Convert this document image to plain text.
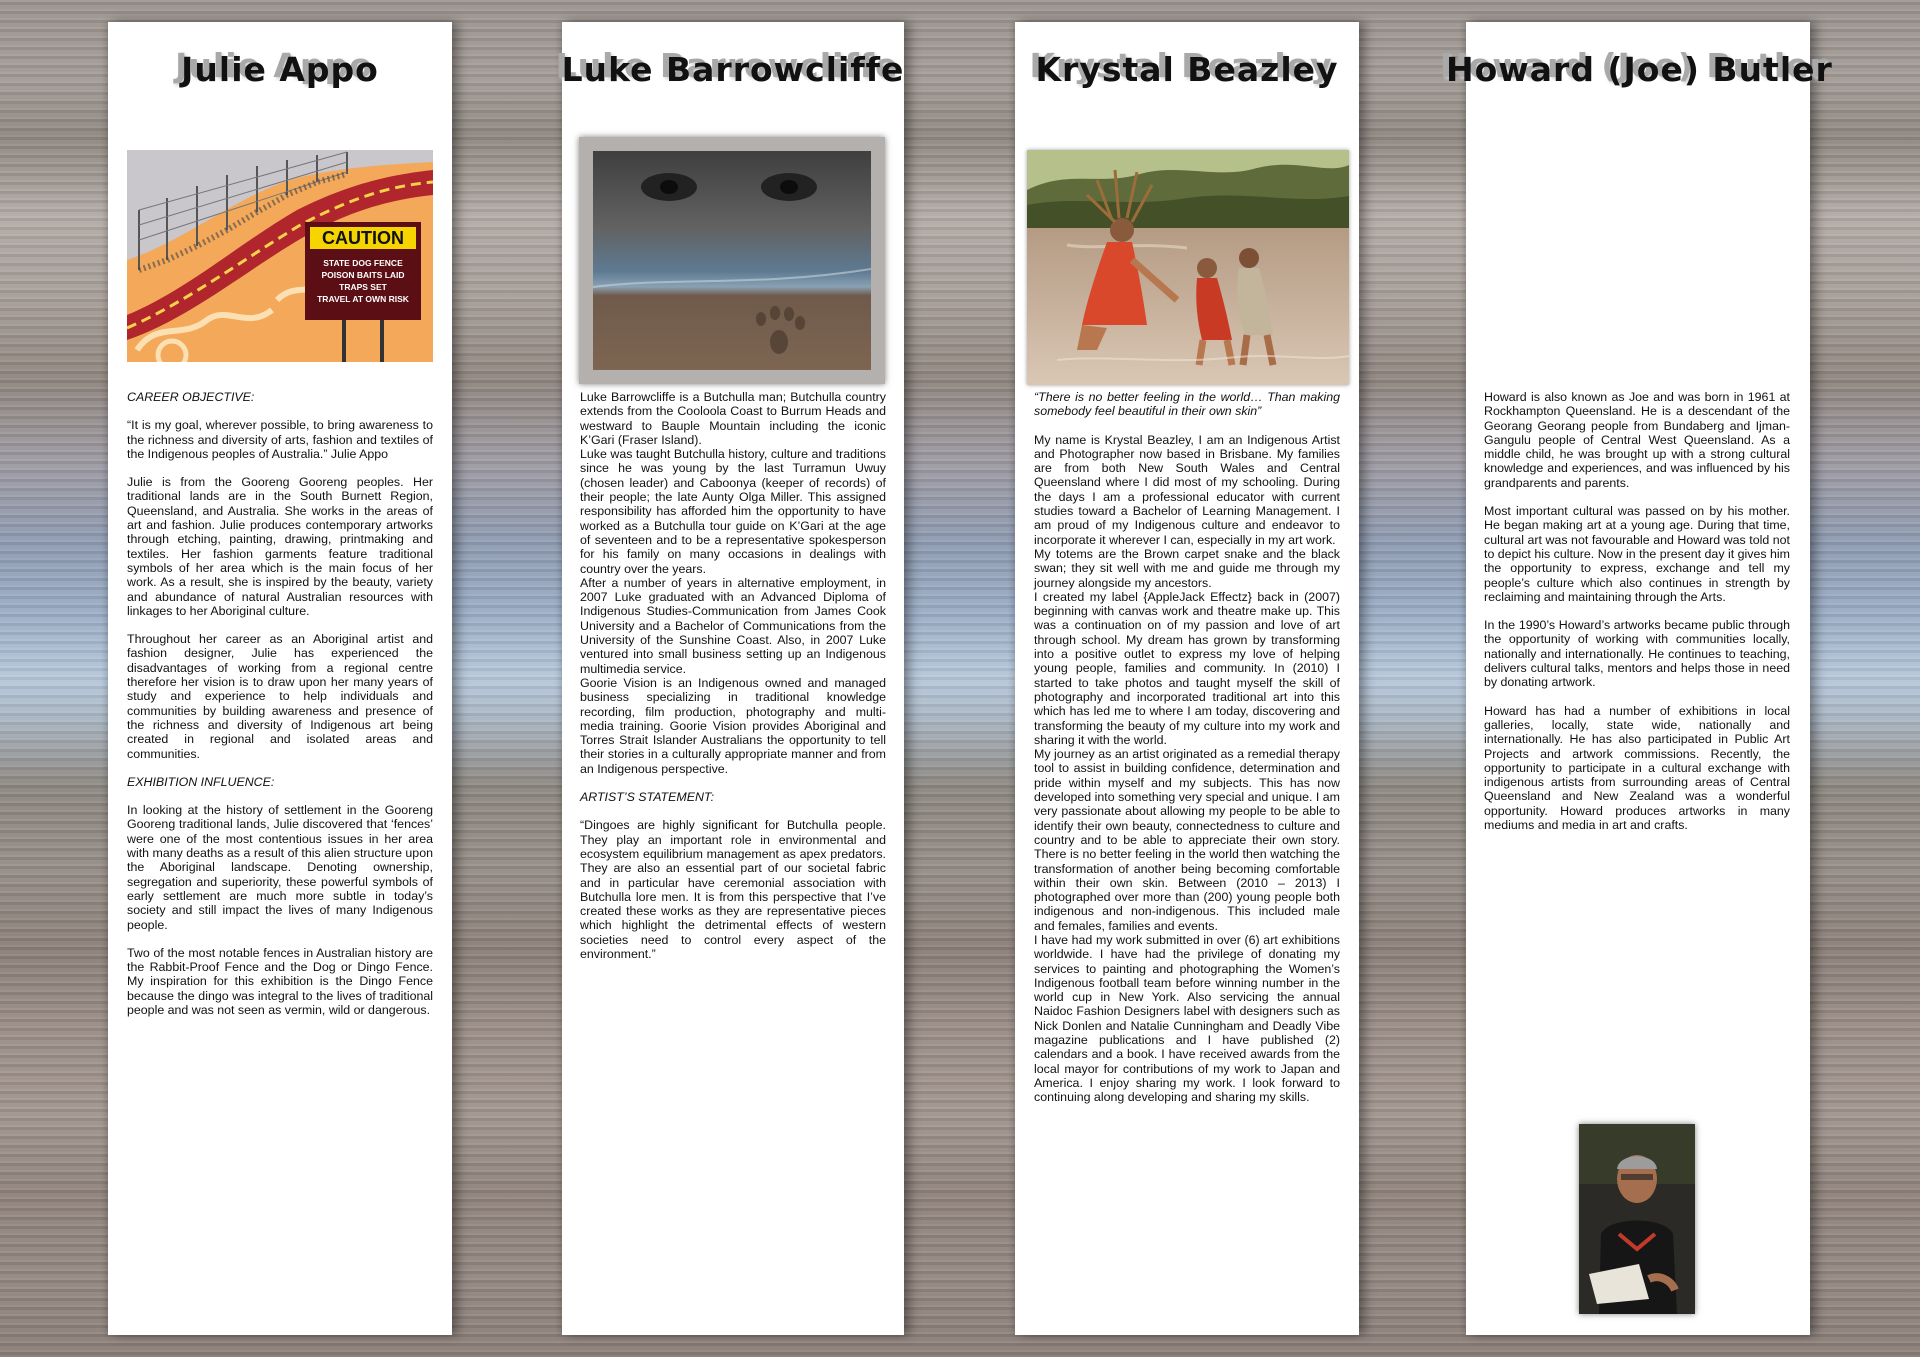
Julie Appo
CAUTION
STATE DOG FENCE
POISON BAITS LAID
TRAPS SET
TRAVEL AT OWN RISK

CAREER OBJECTIVE:

“It is my goal, wherever possible, to bring awareness to the richness and diversity of arts, fashion and textiles of the Indigenous peoples of Australia.” Julie Appo

Julie is from the Gooreng Gooreng peoples. Her traditional lands are in the South Burnett Region, Queensland, and Australia. She works in the areas of art and fashion. Julie produces contemporary artworks through etching, painting, drawing, printmaking and textiles. Her fashion garments feature traditional symbols of her area which is the main focus of her work. As a result, she is inspired by the beauty, variety and abundance of natural Australian resources with linkages to her Aboriginal culture.

Throughout her career as an Aboriginal artist and fashion designer, Julie has experienced the disadvantages of working from a regional centre therefore her vision is to draw upon her many years of study and experience to help individuals and communities by building awareness and presence of the richness and diversity of Indigenous art being created in regional and isolated areas and communities.

EXHIBITION INFLUENCE:

In looking at the history of settlement in the Gooreng Gooreng traditional lands, Julie discovered that ‘fences’ were one of the most contentious issues in her area with many deaths as a result of this alien structure upon the Aboriginal landscape. Denoting ownership, segregation and superiority, these powerful symbols of early settlement are much more subtle in today’s society and still impact the lives of many Indigenous people.

Two of the most notable fences in Australian history are the Rabbit-Proof Fence and the Dog or Dingo Fence. My inspiration for this exhibition is the Dingo Fence because the dingo was integral to the lives of traditional people and was not seen as vermin, wild or dangerous.

Luke Barrowcliffe

Luke Barrowcliffe is a Butchulla man; Butchulla country extends from the Cooloola Coast to Burrum Heads and westward to Bauple Mountain including the iconic K’Gari (Fraser Island).
Luke was taught Butchulla history, culture and traditions since he was young by the last Turramun Uwuy (chosen leader) and Caboonya (keeper of records) of their people; the late Aunty Olga Miller. This assigned responsibility has afforded him the opportunity to have worked as a Butchulla tour guide on K’Gari at the age of seventeen and to be a representative spokesperson for his family on many occasions in dealings with country over the years.
After a number of years in alternative employment, in 2007 Luke graduated with an Advanced Diploma of Indigenous Studies-Communication from James Cook University and a Bachelor of Communications from the University of the Sunshine Coast. Also, in 2007 Luke ventured into small business setting up an Indigenous multimedia service.
Goorie Vision is an Indigenous owned and managed business specializing in traditional knowledge recording, film production, photography and multi-media training. Goorie Vision provides Aboriginal and Torres Strait Islander Australians the opportunity to tell their stories in a culturally appropriate manner and from an Indigenous perspective.

ARTIST’S STATEMENT:

“Dingoes are highly significant for Butchulla people. They play an important role in environmental and ecosystem equilibrium management as apex predators. They are also an essential part of our societal fabric and in particular have ceremonial association with Butchulla lore men. It is from this perspective that I’ve created these works as they are representative pieces which highlight the detrimental effects of western societies need to control every aspect of the environment.”

Krystal Beazley

“There is no better feeling in the world… Than making somebody feel beautiful in their own skin”

My name is Krystal Beazley, I am an Indigenous Artist and Photographer now based in Brisbane. My families are from both New South Wales and Central Queensland where I did most of my schooling. During the days I am a professional educator with current studies toward a Bachelor of Learning Management. I am proud of my Indigenous culture and endeavor to incorporate it wherever I can, especially in my art work.
My totems are the Brown carpet snake and the black swan; they sit well with me and guide me through my journey alongside my ancestors.
I created my label {AppleJack Effectz} back in (2007) beginning with canvas work and theatre make up. This was a continuation on of my passion and love of art through school. My dream has grown by transforming into a positive outlet to express my love of helping young people, families and community. In (2010) I started to take photos and taught myself the skill of photography and incorporated traditional art into this which has led me to where I am today, discovering and transforming the beauty of my culture into my work and sharing it with the world.
My journey as an artist originated as a remedial therapy tool to assist in building confidence, determination and pride within myself and my subjects. This has now developed into something very special and unique. I am very passionate about allowing my people to be able to identify their own beauty, connectedness to culture and country and to be able to appreciate their own story. There is no better feeling in the world then watching the transformation of another being becoming comfortable within their own skin. Between (2010 – 2013) I photographed over more than (200) young people both indigenous and non-indigenous. This included male and females, families and events.
I have had my work submitted in over (6) art exhibitions worldwide. I have had the privilege of donating my services to painting and photographing the Women’s Indigenous football team before winning number in the world cup in New York. Also servicing the annual Naidoc Fashion Designers label with designers such as Nick Donlen and Natalie Cunningham and Deadly Vibe magazine publications and I have published (2) calendars and a book. I have received awards from the local mayor for contributions of my work to Japan and America. I enjoy sharing my work. I look forward to continuing along developing and sharing my skills.

Howard (Joe) Butler

Howard is also known as Joe and was born in 1961 at Rockhampton Queensland. He is a descendant of the Georang Georang people from Bundaberg and Ijman-Gangulu people of Central West Queensland. As a middle child, he was brought up with a strong cultural knowledge and experiences, and was influenced by his grandparents and parents.

Most important cultural was passed on by his mother. He began making art at a young age. During that time, cultural art was not favourable and Howard was told not to depict his culture. Now in the present day it gives him the opportunity to express, exchange and tell my people’s culture which also continues in strength by reclaiming and maintaining through the Arts.

In the 1990’s Howard’s artworks became public through the opportunity of working with communities locally, nationally and internationally. He continues to teaching, delivers cultural talks, mentors and helps those in need by donating artwork.

Howard has had a number of exhibitions in local galleries, locally, state wide, nationally and internationally. He has also participated in Public Art Projects and artwork commissions. Recently, the opportunity to participate in a cultural exchange with indigenous artists from surrounding areas of Central Queensland and New Zealand was a wonderful opportunity. Howard produces artworks in many mediums and media in art and crafts.
